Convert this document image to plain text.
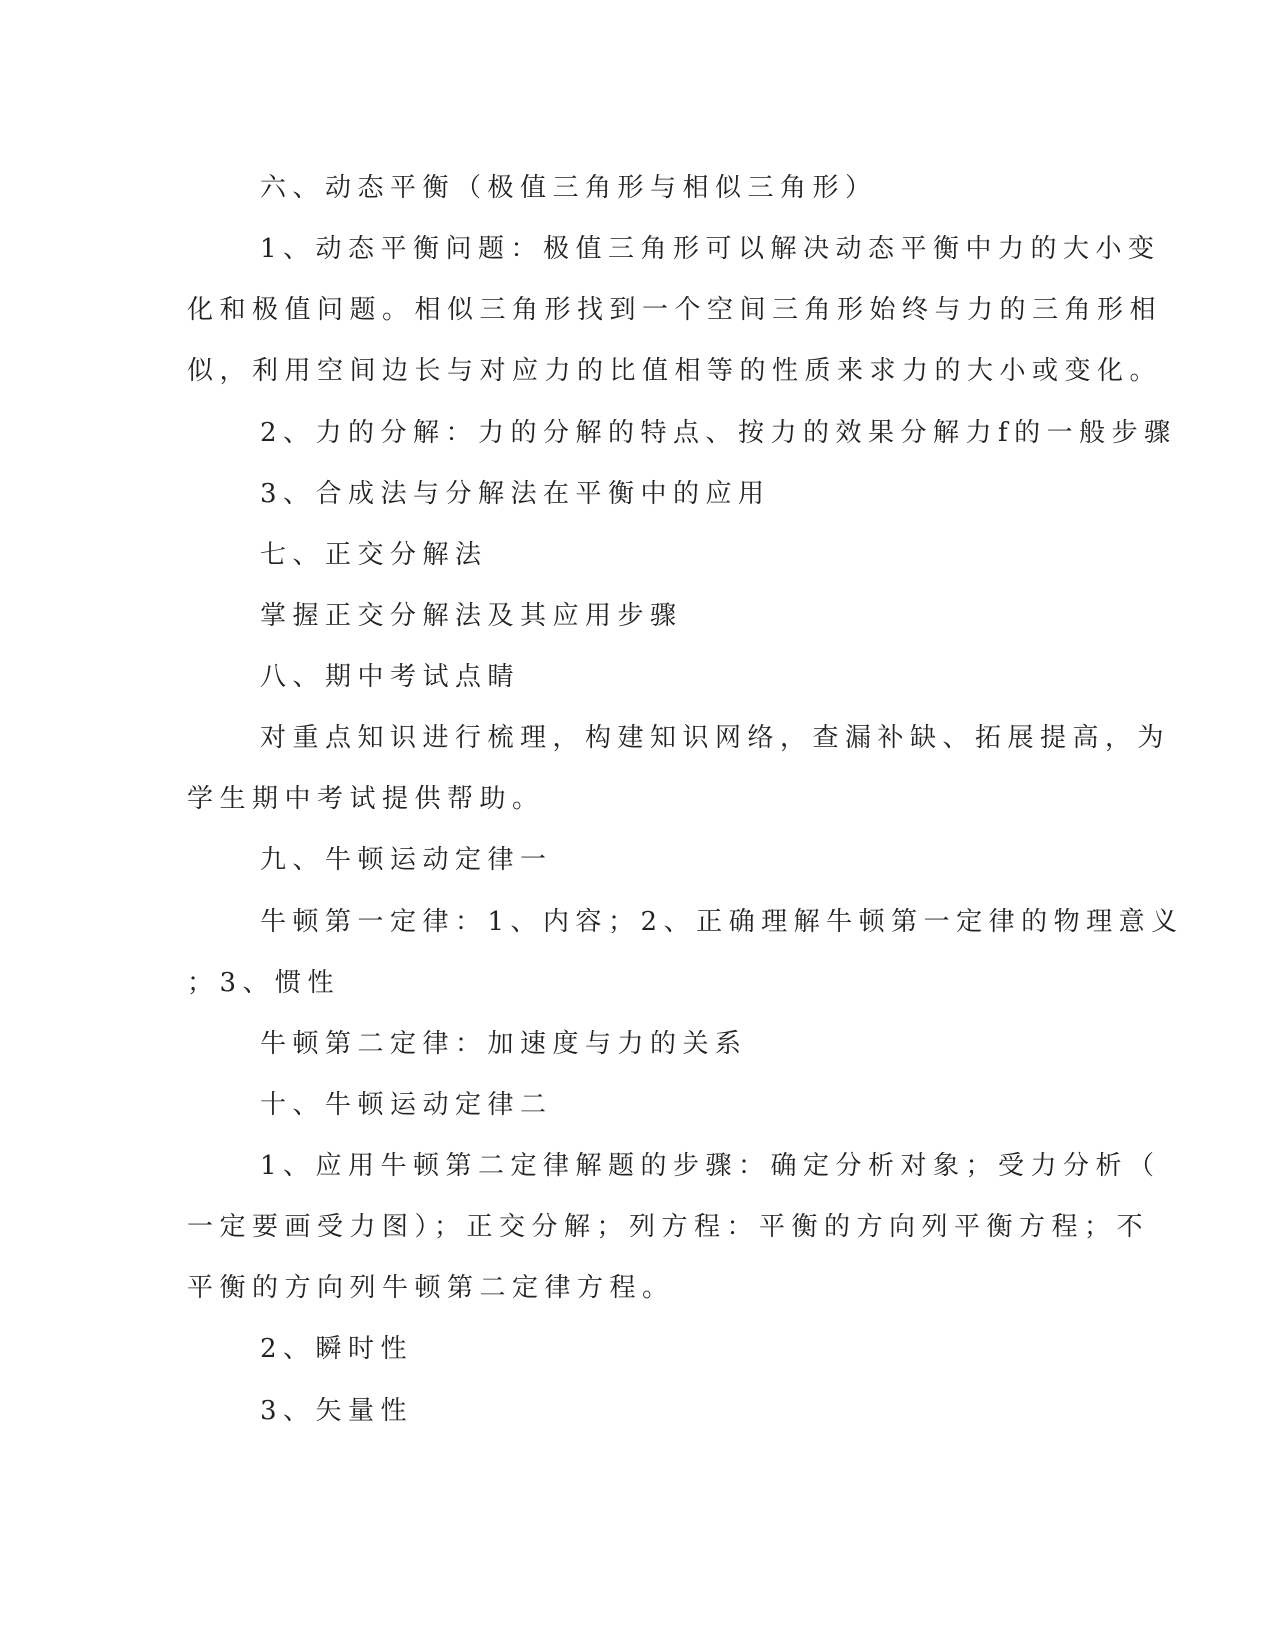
六、动态平衡（极值三角形与相似三角形）
1、动态平衡问题：极值三角形可以解决动态平衡中力的大小变
化和极值问题。相似三角形找到一个空间三角形始终与力的三角形相
似，利用空间边长与对应力的比值相等的性质来求力的大小或变化。
2、力的分解：力的分解的特点、按力的效果分解力f的一般步骤
3、合成法与分解法在平衡中的应用
七、正交分解法
掌握正交分解法及其应用步骤
八、期中考试点睛
对重点知识进行梳理，构建知识网络，查漏补缺、拓展提高，为
学生期中考试提供帮助。
九、牛顿运动定律一
牛顿第一定律：1、内容；2、正确理解牛顿第一定律的物理意义
；3、惯性
牛顿第二定律：加速度与力的关系
十、牛顿运动定律二
1、应用牛顿第二定律解题的步骤：确定分析对象；受力分析（
一定要画受力图）；正交分解；列方程：平衡的方向列平衡方程；不
平衡的方向列牛顿第二定律方程。
2、瞬时性
3、矢量性
